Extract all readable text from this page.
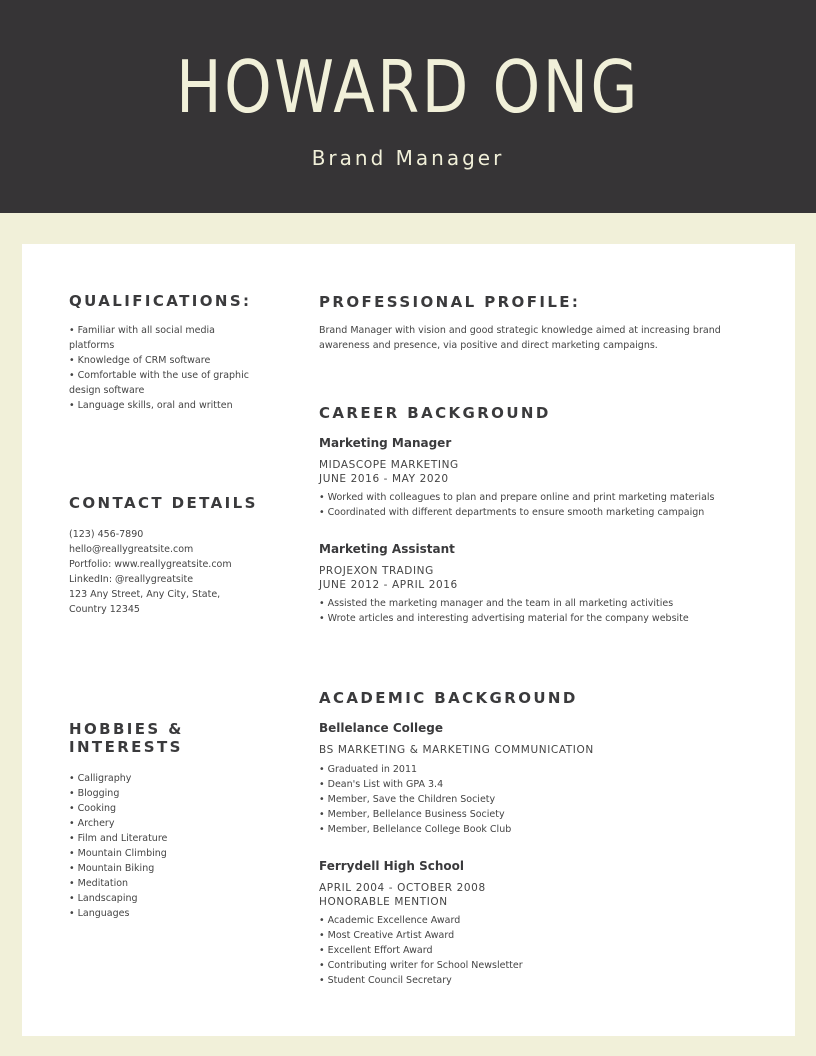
HOWARD ONG
Brand Manager
QUALIFICATIONS:
• Familiar with all social media platforms
• Knowledge of CRM software
• Comfortable with the use of graphic design software
• Language skills, oral and written
CONTACT DETAILS
(123) 456-7890
hello@reallygreatsite.com
Portfolio: www.reallygreatsite.com
LinkedIn: @reallygreatsite
123 Any Street, Any City, State,
Country 12345
HOBBIES &
INTERESTS
• Calligraphy
• Blogging
• Cooking
• Archery
• Film and Literature
• Mountain Climbing
• Mountain Biking
• Meditation
• Landscaping
• Languages
PROFESSIONAL PROFILE:
Brand Manager with vision and good strategic knowledge aimed at increasing brand awareness and presence, via positive and direct marketing campaigns.
CAREER BACKGROUND
Marketing Manager
MIDASCOPE MARKETING
JUNE 2016 - MAY 2020
• Worked with colleagues to plan and prepare online and print marketing materials
• Coordinated with different departments to ensure smooth marketing campaign
Marketing Assistant
PROJEXON TRADING
JUNE 2012 - APRIL 2016
• Assisted the marketing manager and the team in all marketing activities
• Wrote articles and interesting advertising material for the company website
ACADEMIC BACKGROUND
Bellelance College
BS MARKETING & MARKETING COMMUNICATION
• Graduated in 2011
• Dean's List with GPA 3.4
• Member, Save the Children Society
• Member, Bellelance Business Society
• Member, Bellelance College Book Club
Ferrydell High School
APRIL 2004 - OCTOBER 2008
HONORABLE MENTION
• Academic Excellence Award
• Most Creative Artist Award
• Excellent Effort Award
• Contributing writer for School Newsletter
• Student Council Secretary
